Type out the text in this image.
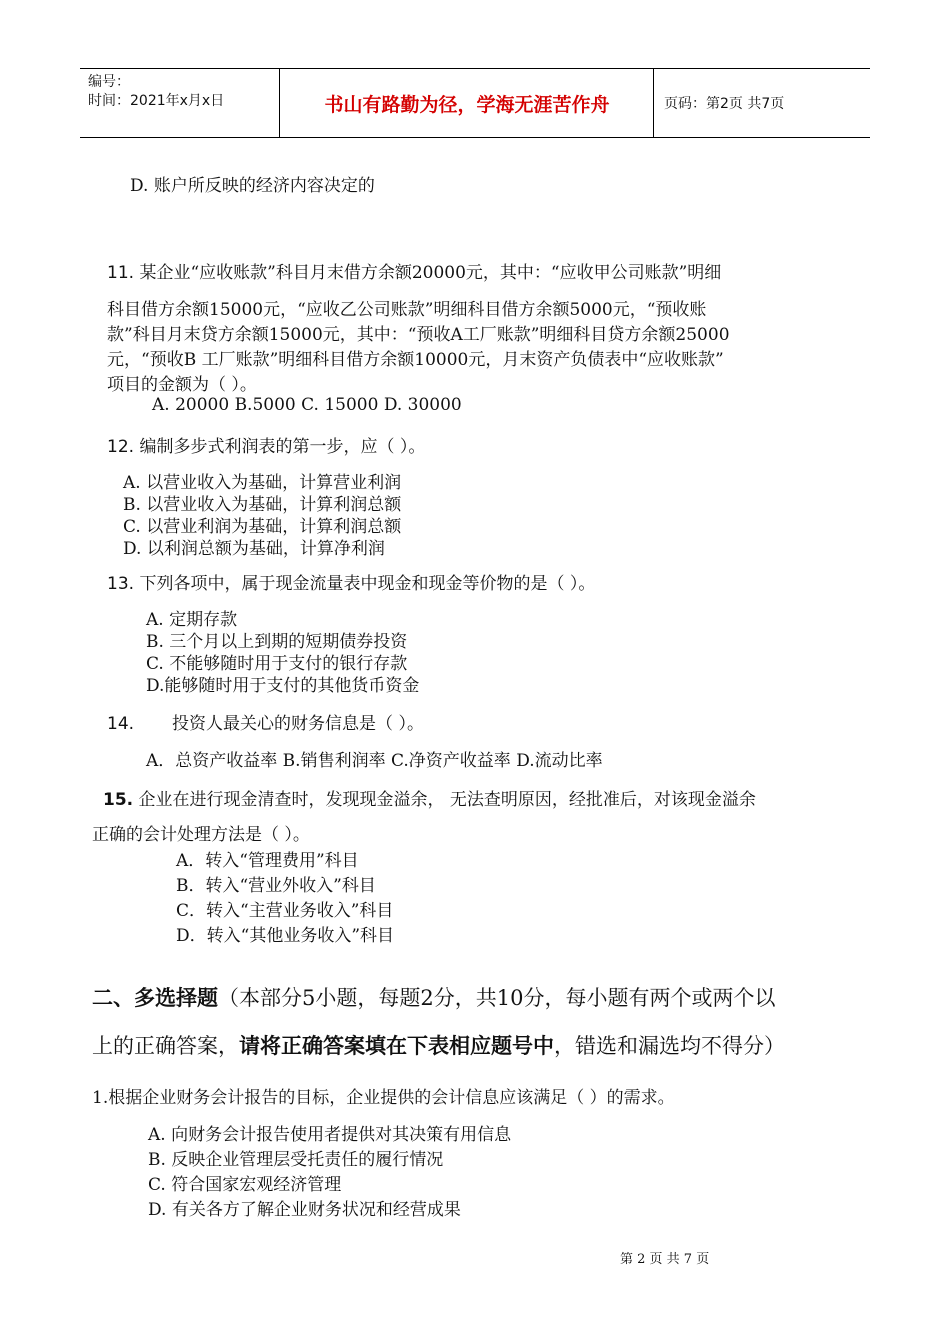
编号：
时间：2021年x月x日	书山有路勤为径，学海无涯苦作舟	页码：第2页 共7页
D. 账户所反映的经济内容决定的
11. 某企业“应收账款”科目月末借方余额20000元，其中：“应收甲公司账款”明细
科目借方余额15000元，“应收乙公司账款”明细科目借方余额5000元，“预收账
款”科目月末贷方余额15000元，其中：“预收A工厂账款”明细科目贷方余额25000
元，“预收B 工厂账款”明细科目借方余额10000元，月末资产负债表中“应收账款”
项目的金额为（ ）。
A. 20000 B.5000 C. 15000 D. 30000
12. 编制多步式利润表的第一步，应（ ）。
A. 以营业收入为基础，计算营业利润
B. 以营业收入为基础，计算利润总额
C. 以营业利润为基础，计算利润总额
D. 以利润总额为基础，计算净利润
13. 下列各项中，属于现金流量表中现金和现金等价物的是（ ）。
A. 定期存款
B. 三个月以上到期的短期债券投资
C. 不能够随时用于支付的银行存款
D.能够随时用于支付的其他货币资金
14. 投资人最关心的财务信息是（ ）。
A．总资产收益率 B.销售利润率 C.净资产收益率 D.流动比率
15. 企业在进行现金清查时，发现现金溢余， 无法查明原因，经批准后，对该现金溢余
正确的会计处理方法是（ ）。
A．转入“管理费用”科目
B．转入“营业外收入”科目
C．转入“主营业务收入”科目
D．转入“其他业务收入”科目
二、多选择题（本部分5小题，每题2分，共10分，每小题有两个或两个以
上的正确答案，请将正确答案填在下表相应题号中，错选和漏选均不得分）
1.根据企业财务会计报告的目标，企业提供的会计信息应该满足（ ）的需求。
A. 向财务会计报告使用者提供对其决策有用信息
B. 反映企业管理层受托责任的履行情况
C. 符合国家宏观经济管理
D. 有关各方了解企业财务状况和经营成果
第 2 页 共 7 页
